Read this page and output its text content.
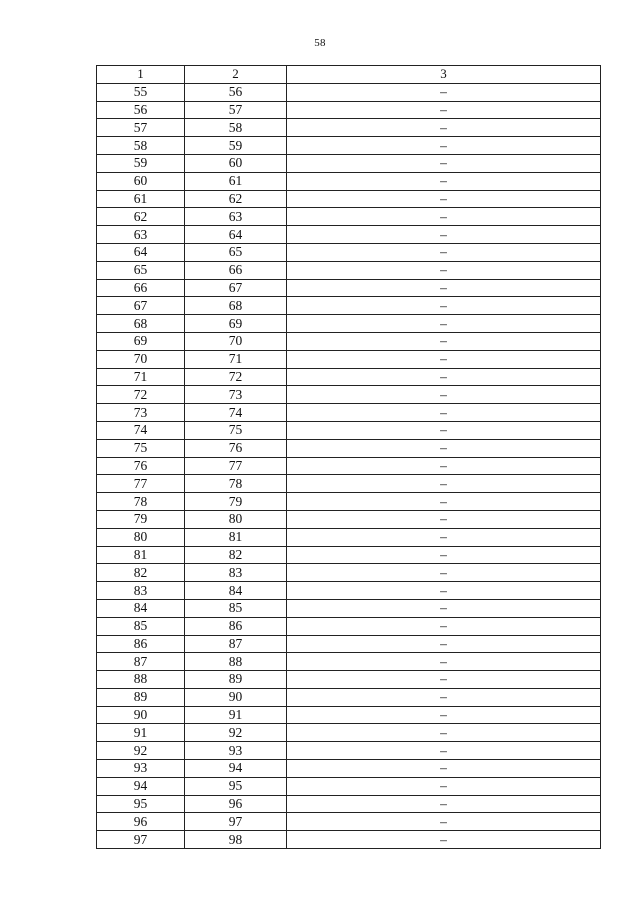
58
1	2	3
55	56	–
56	57	–
57	58	–
58	59	–
59	60	–
60	61	–
61	62	–
62	63	–
63	64	–
64	65	–
65	66	–
66	67	–
67	68	–
68	69	–
69	70	–
70	71	–
71	72	–
72	73	–
73	74	–
74	75	–
75	76	–
76	77	–
77	78	–
78	79	–
79	80	–
80	81	–
81	82	–
82	83	–
83	84	–
84	85	–
85	86	–
86	87	–
87	88	–
88	89	–
89	90	–
90	91	–
91	92	–
92	93	–
93	94	–
94	95	–
95	96	–
96	97	–
97	98	–
